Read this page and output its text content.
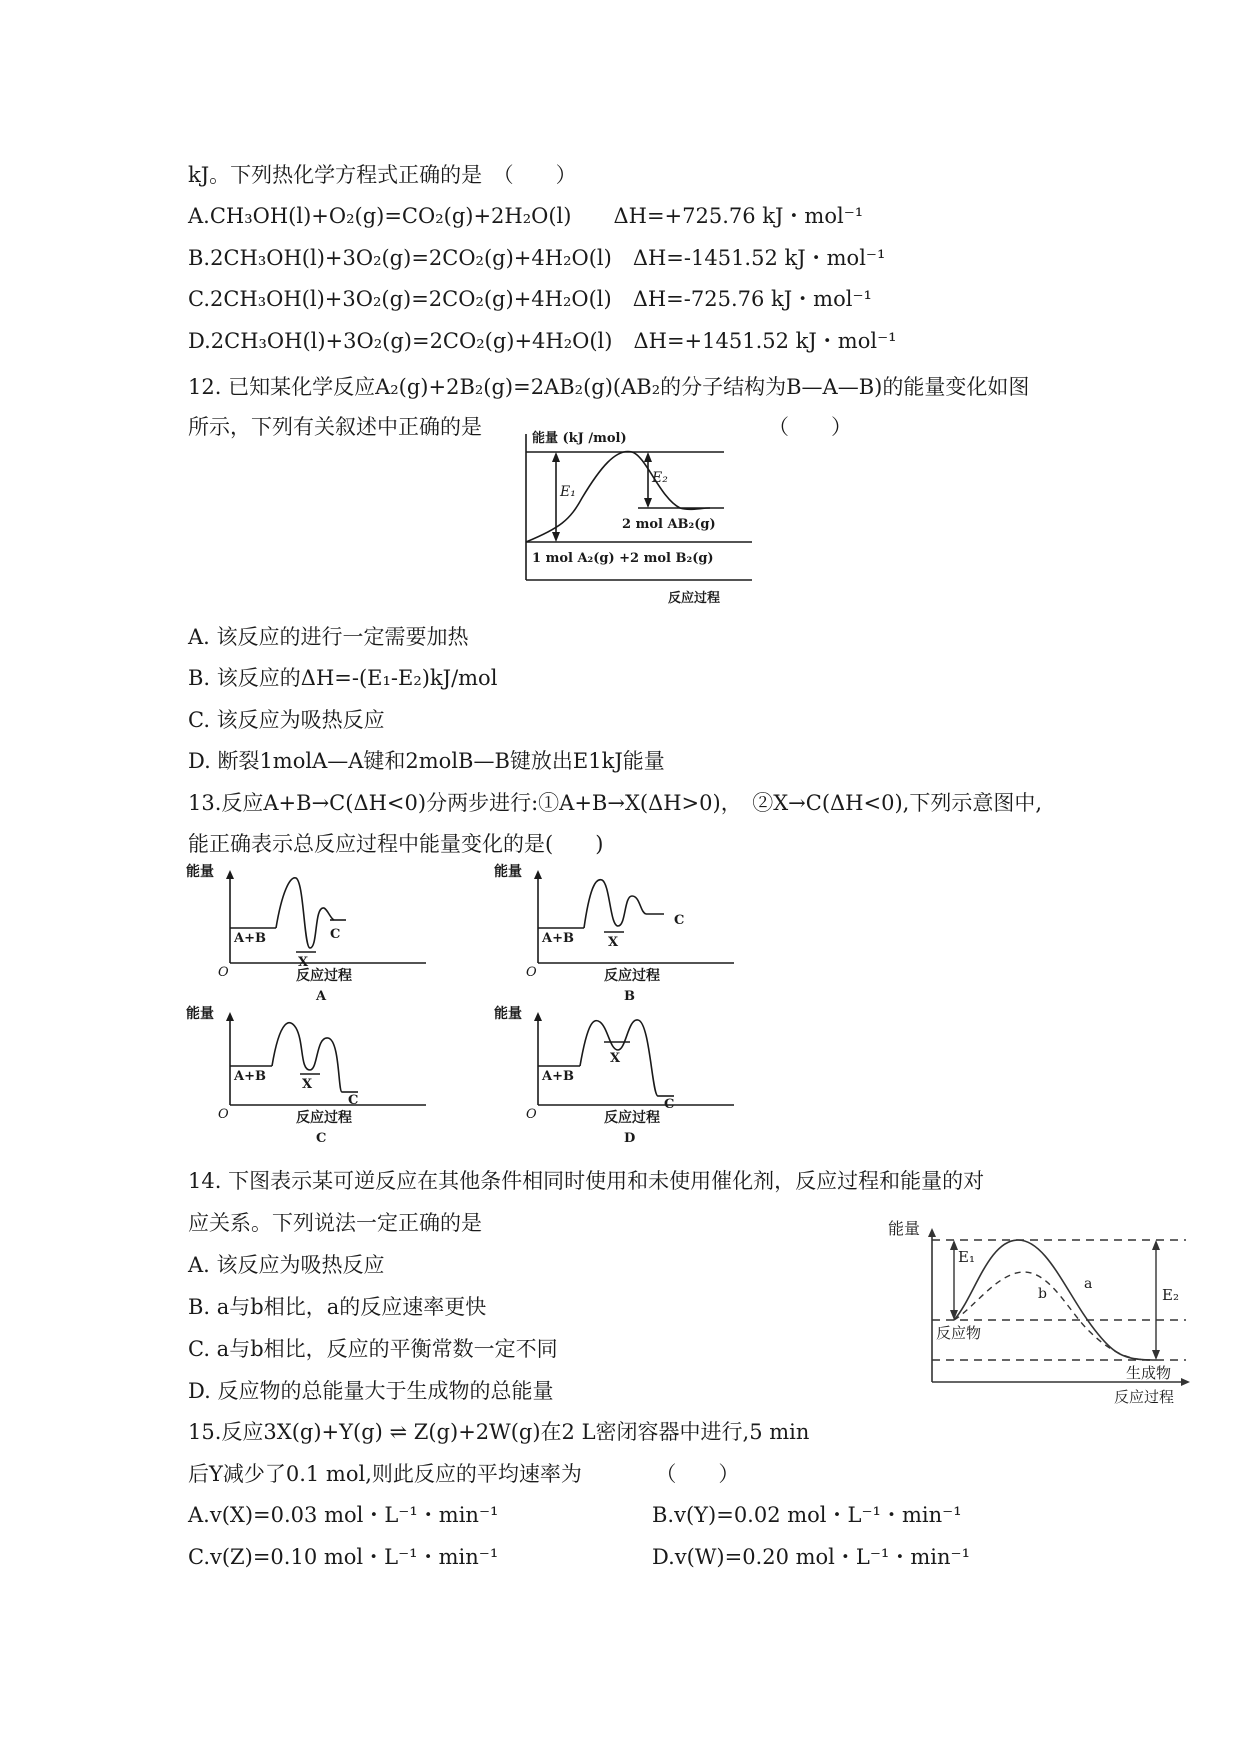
kJ。下列热化学方程式正确的是　（　　）
A.CH₃OH(l)+O₂(g)=CO₂(g)+2H₂O(l)　　ΔH=+725.76 kJ・mol⁻¹
B.2CH₃OH(l)+3O₂(g)=2CO₂(g)+4H₂O(l)　ΔH=-1451.52 kJ・mol⁻¹
C.2CH₃OH(l)+3O₂(g)=2CO₂(g)+4H₂O(l)　ΔH=-725.76 kJ・mol⁻¹
D.2CH₃OH(l)+3O₂(g)=2CO₂(g)+4H₂O(l)　ΔH=+1451.52 kJ・mol⁻¹
12. 已知某化学反应A₂(g)+2B₂(g)=2AB₂(g)(AB₂的分子结构为B—A—B)的能量变化如图
所示，下列有关叙述中正确的是	（　　）
A. 该反应的进行一定需要加热
B. 该反应的ΔH=-(E₁-E₂)kJ/mol
C. 该反应为吸热反应
D. 断裂1molA—A键和2molB—B键放出E1kJ能量
13.反应A+B→C(ΔH<0)分两步进行:①A+B→X(ΔH>0)，　②X→C(ΔH<0),下列示意图中,
能正确表示总反应过程中能量变化的是(　　)
14. 下图表示某可逆反应在其他条件相同时使用和未使用催化剂，反应过程和能量的对
应关系。下列说法一定正确的是
A. 该反应为吸热反应
B. a与b相比，a的反应速率更快
C. a与b相比，反应的平衡常数一定不同
D. 反应物的总能量大于生成物的总能量
15.反应3X(g)+Y(g) ⇌ Z(g)+2W(g)在2 L密闭容器中进行,5 min
后Y减少了0.1 mol,则此反应的平均速率为　　　　（　　）
A.v(X)=0.03 mol・L⁻¹・min⁻¹	B.v(Y)=0.02 mol・L⁻¹・min⁻¹
C.v(Z)=0.10 mol・L⁻¹・min⁻¹	D.v(W)=0.20 mol・L⁻¹・min⁻¹
能量 (kJ /mol)
E₁
E₂
2 mol AB₂(g)
1 mol A₂(g) +2 mol B₂(g)
反应过程
能量
O
A+B
X
C
反应过程
A
能量
O
A+B	X
C
反应过程
B
能量
O
A+B
X
C
反应过程
C
能量
O
A+B
X
C
反应过程
D
能量
E₁
E₂
a
b
反应物
生成物
反应过程
